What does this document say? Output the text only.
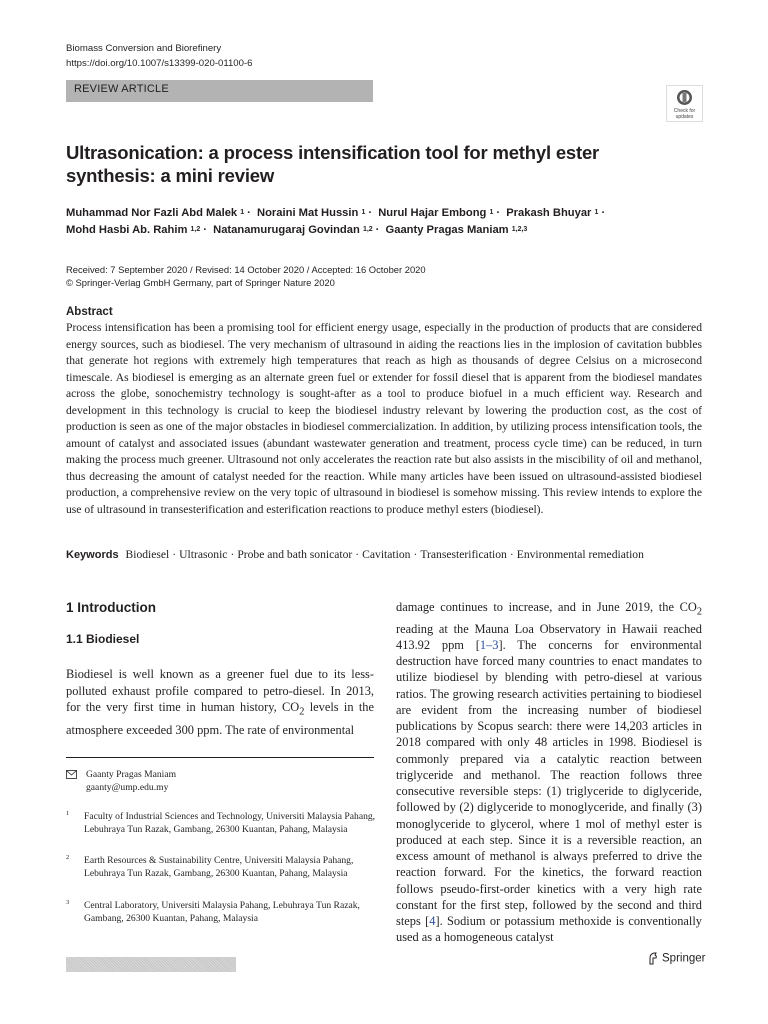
Biomass Conversion and Biorefinery
https://doi.org/10.1007/s13399-020-01100-6
REVIEW ARTICLE
Check for
updates
Ultrasonication: a process intensification tool for methyl ester synthesis: a mini review
Muhammad Nor Fazli Abd Malek $^1$ · Noraini Mat Hussin $^1$ · Nurul Hajar Embong $^1$ · Prakash Bhuyar $^1$ ·
Mohd Hasbi Ab. Rahim $^{1,2}$ · Natanamurugaraj Govindan $^{1,2}$ · Gaanty Pragas Maniam $^{1,2,3}$
Received: 7 September 2020 / Revised: 14 October 2020 / Accepted: 16 October 2020
© Springer-Verlag GmbH Germany, part of Springer Nature 2020
Abstract
Process intensification has been a promising tool for efficient energy usage, especially in the production of products that are considered energy sources, such as biodiesel. The very mechanism of ultrasound in aiding the reactions lies in the implosion of cavitation bubbles that generate hot regions with extremely high temperatures that reach as high as thousands of degree Celsius on a microsecond timescale. As biodiesel is emerging as an alternate green fuel or extender for fossil diesel that is apparent from the biodiesel mandates across the globe, sonochemistry technology is sought-after as a tool to produce biofuel in a much efficient way. Research and development in this technology is crucial to keep the biodiesel industry relevant by lowering the production cost, as the cost of production is seen as one of the major obstacles in biodiesel commercialization. In addition, by utilizing process intensification tools, the amount of catalyst and associated issues (abundant wastewater generation and treatment, process cycle time) can be reduced, in turn making the process much greener. Ultrasound not only accelerates the reaction rate but also assists in the miscibility of oil and methanol, thus decreasing the amount of catalyst needed for the reaction. While many articles have been issued on ultrasound-assisted biodiesel production, a comprehensive review on the very topic of ultrasound in biodiesel is somehow missing. This review intends to explore the use of ultrasound in transesterification and esterification reactions to produce methyl esters (biodiesel).
Keywords Biodiesel · Ultrasonic · Probe and bath sonicator · Cavitation · Transesterification · Environmental remediation
1 Introduction
1.1 Biodiesel
Biodiesel is well known as a greener fuel due to its less-polluted exhaust profile compared to petro-diesel. In 2013, for the very first time in human history, $CO_2$ levels in the atmosphere exceeded 300 ppm. The rate of environmental
Gaanty Pragas Maniam
gaanty@ump.edu.my
1 Faculty of Industrial Sciences and Technology, Universiti Malaysia Pahang, Lebuhraya Tun Razak, Gambang, 26300 Kuantan, Pahang, Malaysia
2 Earth Resources & Sustainability Centre, Universiti Malaysia Pahang, Lebuhraya Tun Razak, Gambang, 26300 Kuantan, Pahang, Malaysia
3 Central Laboratory, Universiti Malaysia Pahang, Lebuhraya Tun Razak, Gambang, 26300 Kuantan, Pahang, Malaysia
damage continues to increase, and in June 2019, the $CO_2$ reading at the Mauna Loa Observatory in Hawaii reached 413.92 ppm [1–3]. The concerns for environmental destruction have forced many countries to enact mandates to utilize biodiesel by blending with petro-diesel at various ratios. The growing research activities pertaining to biodiesel are evident from the increasing number of biodiesel publications by Scopus search: there were 14,203 articles in 2018 compared with only 48 articles in 1998. Biodiesel is commonly prepared via a catalytic reaction between triglyceride and methanol. The reaction follows three consecutive reversible steps: (1) triglyceride to diglyceride, followed by (2) diglyceride to monoglyceride, and finally (3) monoglyceride to glycerol, where 1 mol of methyl ester is produced at each step. Since it is a reversible reaction, an excess amount of methanol is always preferred to drive the reaction forward. For the kinetics, the forward reaction follows pseudo-first-order kinetics with a very high rate constant for the first step, followed by the second and third steps [4]. Sodium or potassium methoxide is conventionally used as a homogeneous catalyst
Springer
